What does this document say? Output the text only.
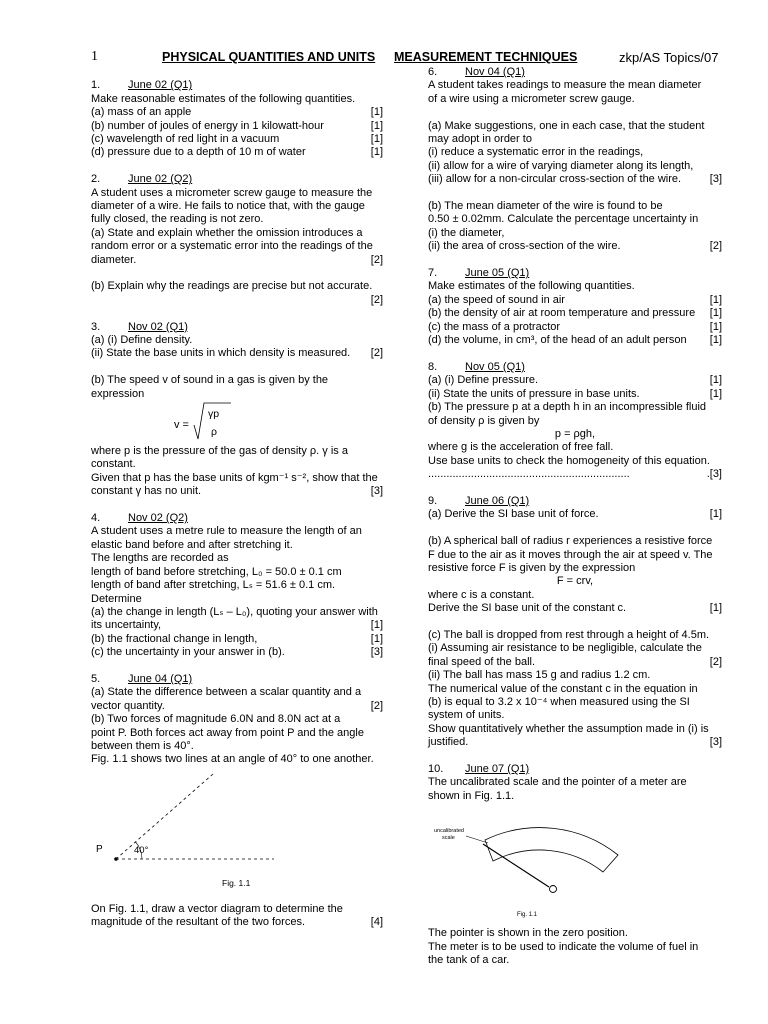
1	PHYSICAL QUANTITIES AND UNITS MEASUREMENT TECHNIQUES	zkp/AS Topics/07
1.	June 02 (Q1)
Make reasonable estimates of the following quantities.
(a) mass of an apple	[1]
(b) number of joules of energy in 1 kilowatt-hour	[1]
(c) wavelength of red light in a vacuum	[1]
(d) pressure due to a depth of 10 m of water	[1]
2.	June 02 (Q2)
A student uses a micrometer screw gauge to measure the
diameter of a wire. He fails to notice that, with the gauge
fully closed, the reading is not zero.
(a) State and explain whether the omission introduces a
random error or a systematic error into the readings of the
diameter.	[2]
(b) Explain why the readings are precise but not accurate.
[2]
3.	Nov 02 (Q1)
(a) (i) Define density.
(ii) State the base units in which density is measured. [2]
(b) The speed v of sound in a gas is given by the
expression
v =
γp
ρ
where p is the pressure of the gas of density ρ. γ is a
constant.
Given that p has the base units of kgm⁻¹ s⁻², show that the
constant γ has no unit.	[3]
4.	Nov 02 (Q2)
A student uses a metre rule to measure the length of an
elastic band before and after stretching it.
The lengths are recorded as
length of band before stretching, L₀ = 50.0 ± 0.1 cm
length of band after stretching, Lₛ = 51.6 ± 0.1 cm.
Determine
(a) the change in length (Lₛ – L₀), quoting your answer with
its uncertainty,	[1]
(b) the fractional change in length,	[1]
(c) the uncertainty in your answer in (b).	[3]
5.	June 04 (Q1)
(a) State the difference between a scalar quantity and a
vector quantity.	[2]
(b) Two forces of magnitude 6.0N and 8.0N act at a
point P. Both forces act away from point P and the angle
between them is 40°.
Fig. 1.1 shows two lines at an angle of 40° to one another.
P	40°
Fig. 1.1
On Fig. 1.1, draw a vector diagram to determine the
magnitude of the resultant of the two forces.	[4]
6.	Nov 04 (Q1)
A student takes readings to measure the mean diameter
of a wire using a micrometer screw gauge.
(a) Make suggestions, one in each case, that the student
may adopt in order to
(i) reduce a systematic error in the readings,
(ii) allow for a wire of varying diameter along its length,
(iii) allow for a non-circular cross-section of the wire.	[3]
(b) The mean diameter of the wire is found to be
0.50 ± 0.02mm. Calculate the percentage uncertainty in
(i) the diameter,
(ii) the area of cross-section of the wire.	[2]
7.	June 05 (Q1)
Make estimates of the following quantities.
(a) the speed of sound in air	[1]
(b) the density of air at room temperature and pressure [1]
(c) the mass of a protractor	[1]
(d) the volume, in cm³, of the head of an adult person [1]
8.	Nov 05 (Q1)
(a) (i) Define pressure.	[1]
(ii) State the units of pressure in base units.	[1]
(b) The pressure p at a depth h in an incompressible fluid
of density ρ is given by
p = ρgh,
where g is the acceleration of free fall.
Use base units to check the homogeneity of this equation.
..................................................................	.[3]
9.	June 06 (Q1)
(a) Derive the SI base unit of force.	[1]
(b) A spherical ball of radius r experiences a resistive force
F due to the air as it moves through the air at speed v. The
resistive force F is given by the expression
F = crv,
where c is a constant.
Derive the SI base unit of the constant c.	[1]
(c) The ball is dropped from rest through a height of 4.5m.
(i) Assuming air resistance to be negligible, calculate the
final speed of the ball.	[2]
(ii) The ball has mass 15 g and radius 1.2 cm.
The numerical value of the constant c in the equation in
(b) is equal to 3.2 x 10⁻⁴ when measured using the SI
system of units.
Show quantitatively whether the assumption made in (i) is
justified.	[3]
10. June 07 (Q1)
The uncalibrated scale and the pointer of a meter are
shown in Fig. 1.1.
uncalibrated
scale
Fig. 1.1
The pointer is shown in the zero position.
The meter is to be used to indicate the volume of fuel in
the tank of a car.
